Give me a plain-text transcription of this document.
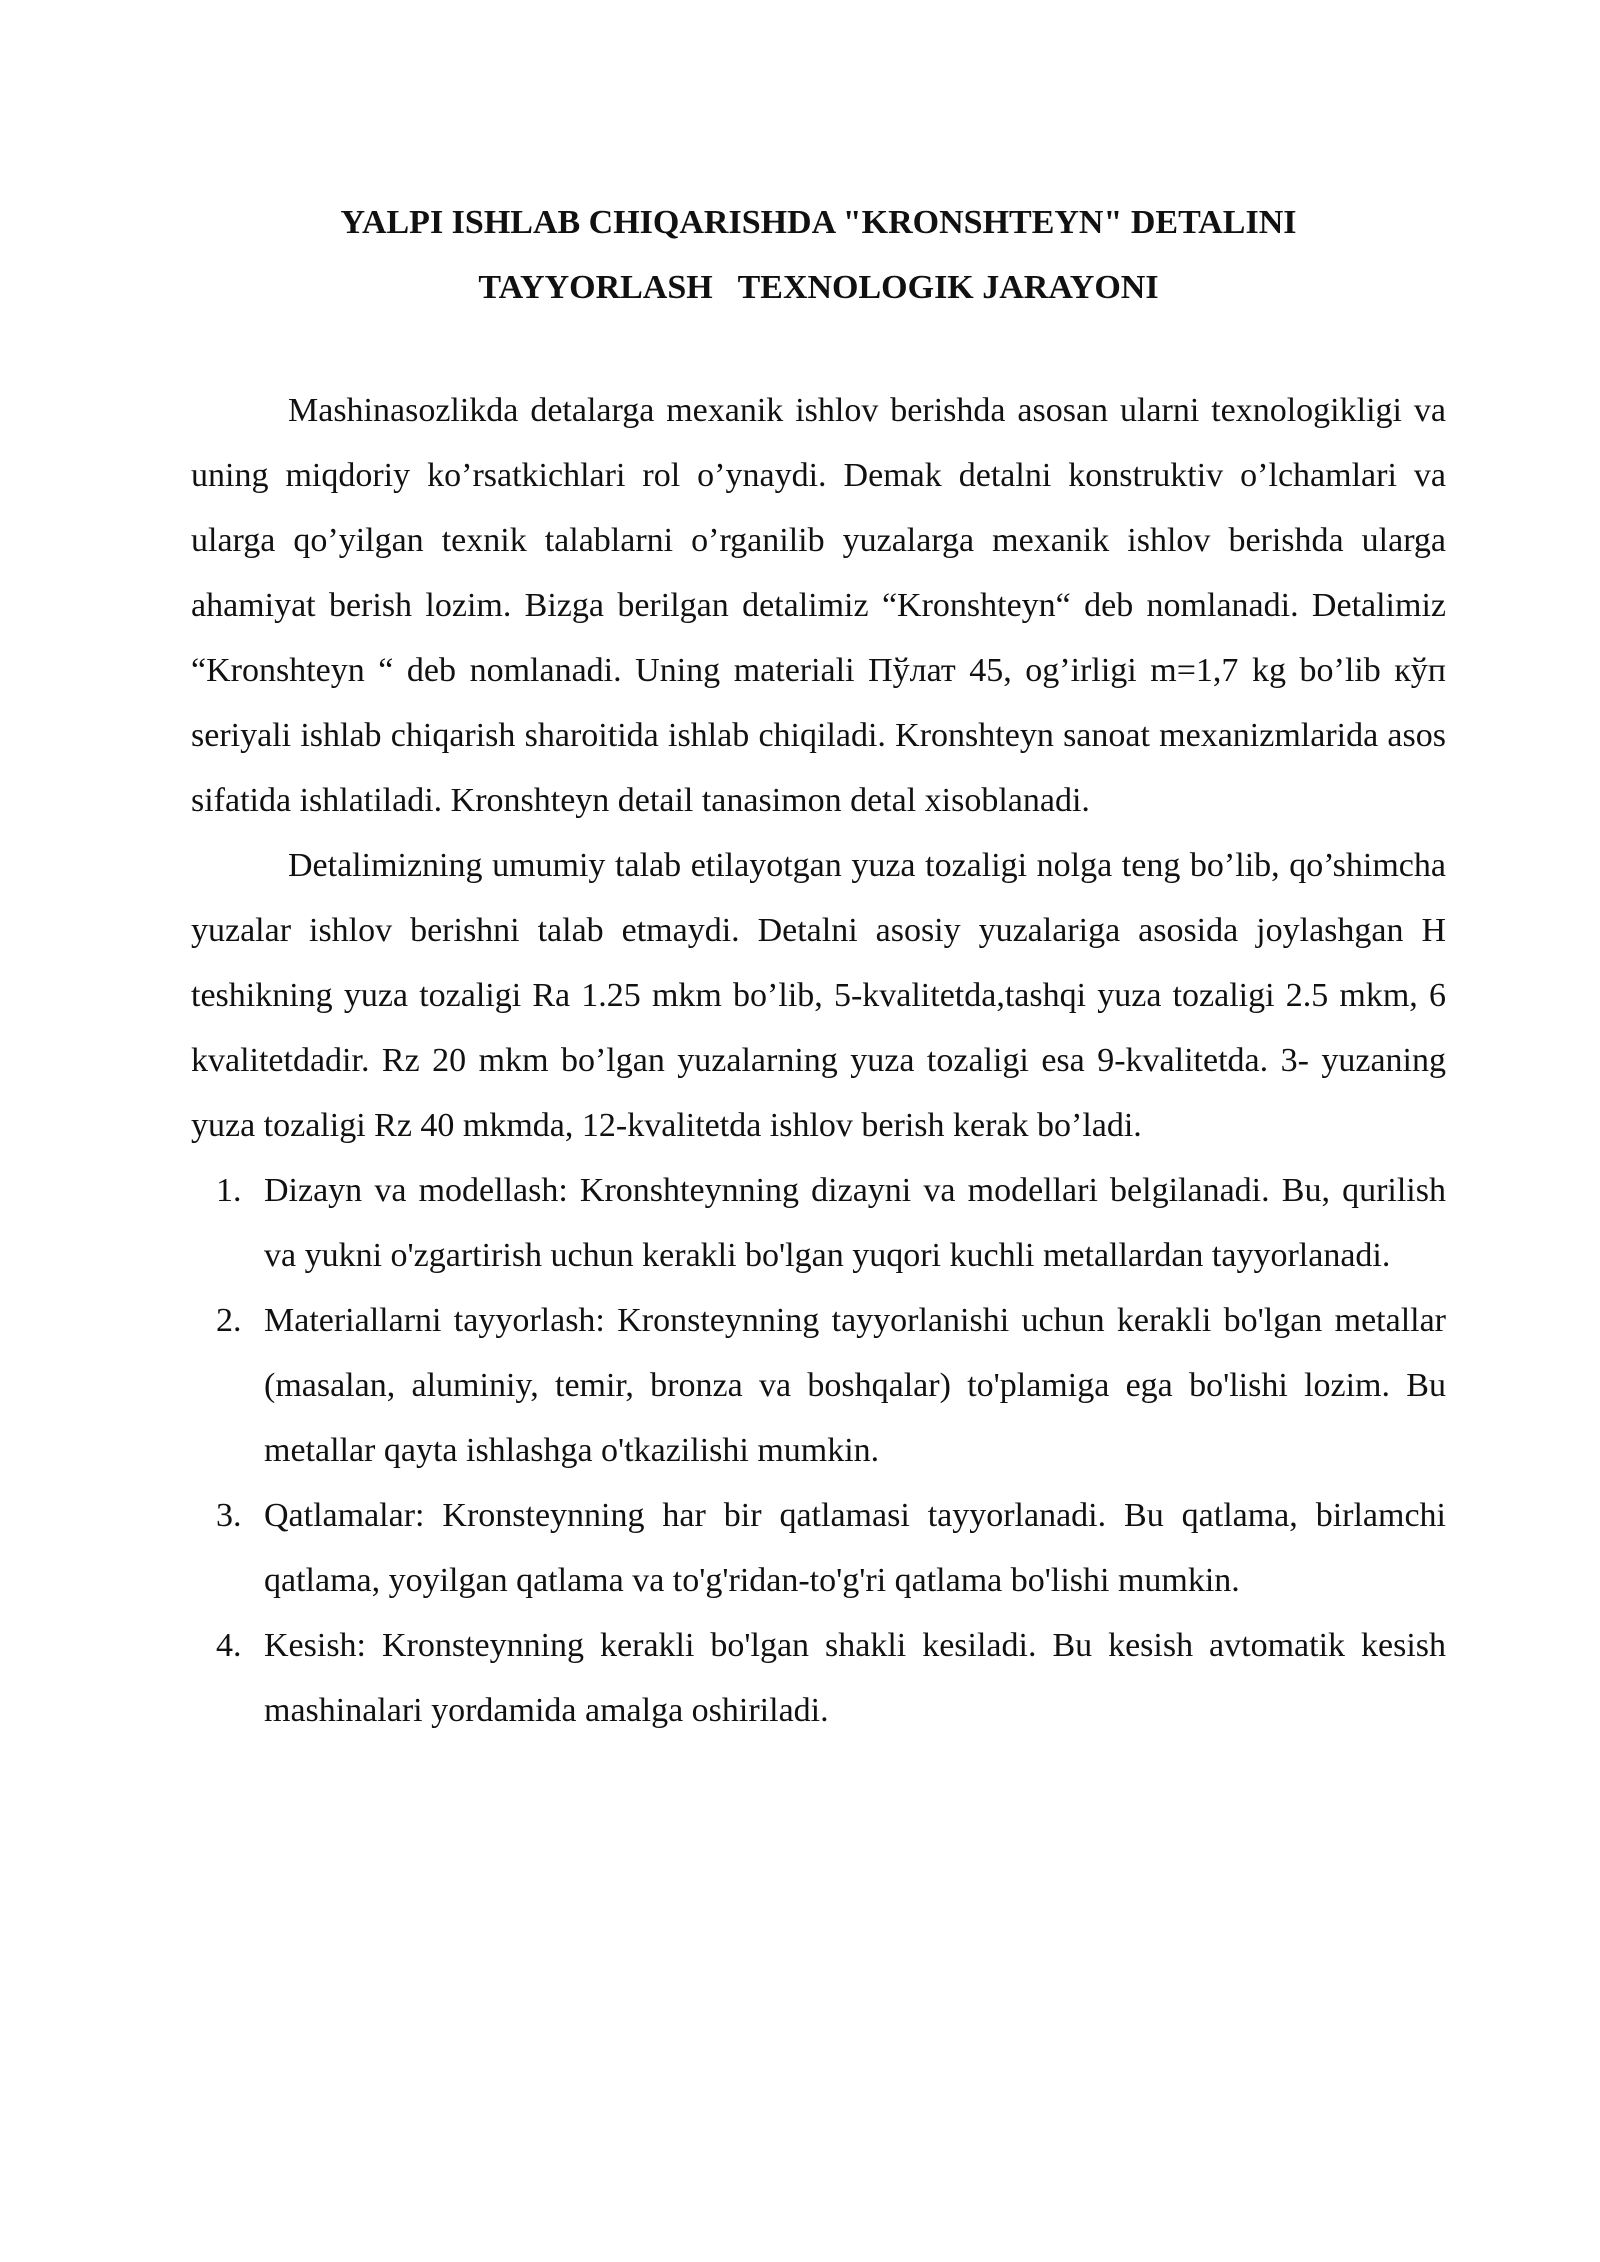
YALPI ISHLAB CHIQARISHDA "KRONSHTEYN" DETALINI
TAYYORLASH   TEXNOLOGIK JARAYONI

Mashinasozlikda detalarga mexanik ishlov berishda asosan ularni texnologikligi va uning miqdoriy ko’rsatkichlari rol o’ynaydi. Demak detalni konstruktiv o’lchamlari va ularga qo’yilgan texnik talablarni o’rganilib yuzalarga mexanik ishlov berishda ularga ahamiyat berish lozim. Bizga berilgan detalimiz “Kronshteyn“ deb nomlanadi. Detalimiz “Kronshteyn “ deb nomlanadi. Uning materiali Пўлат 45, og’irligi m=1,7 kg bo’lib кўп seriyali ishlab chiqarish sharoitida ishlab chiqiladi. Kronshteyn sanoat mexanizmlarida asos sifatida ishlatiladi. Kronshteyn detail tanasimon detal xisoblanadi.

Detalimizning umumiy talab etilayotgan yuza tozaligi nolga teng bo’lib, qo’shimcha yuzalar ishlov berishni talab etmaydi. Detalni asosiy yuzalariga asosida joylashgan H teshikning yuza tozaligi Ra 1.25 mkm bo’lib, 5-kvalitetda,tashqi yuza tozaligi 2.5 mkm, 6 kvalitetdadir. Rz 20 mkm bo’lgan yuzalarning yuza tozaligi esa 9-kvalitetda. 3- yuzaning yuza tozaligi Rz 40 mkmda, 12-kvalitetda ishlov berish kerak bo’ladi.

1. Dizayn va modellash: Kronshteynning dizayni va modellari belgilanadi. Bu, qurilish va yukni o'zgartirish uchun kerakli bo'lgan yuqori kuchli metallardan tayyorlanadi.
2. Materiallarni tayyorlash: Kronsteynning tayyorlanishi uchun kerakli bo'lgan metallar (masalan, aluminiy, temir, bronza va boshqalar) to'plamiga ega bo'lishi lozim. Bu metallar qayta ishlashga o'tkazilishi mumkin.
3. Qatlamalar: Kronsteynning har bir qatlamasi tayyorlanadi. Bu qatlama, birlamchi qatlama, yoyilgan qatlama va to'g'ridan-to'g'ri qatlama bo'lishi mumkin.
4. Kesish: Kronsteynning kerakli bo'lgan shakli kesiladi. Bu kesish avtomatik kesish mashinalari yordamida amalga oshiriladi.
